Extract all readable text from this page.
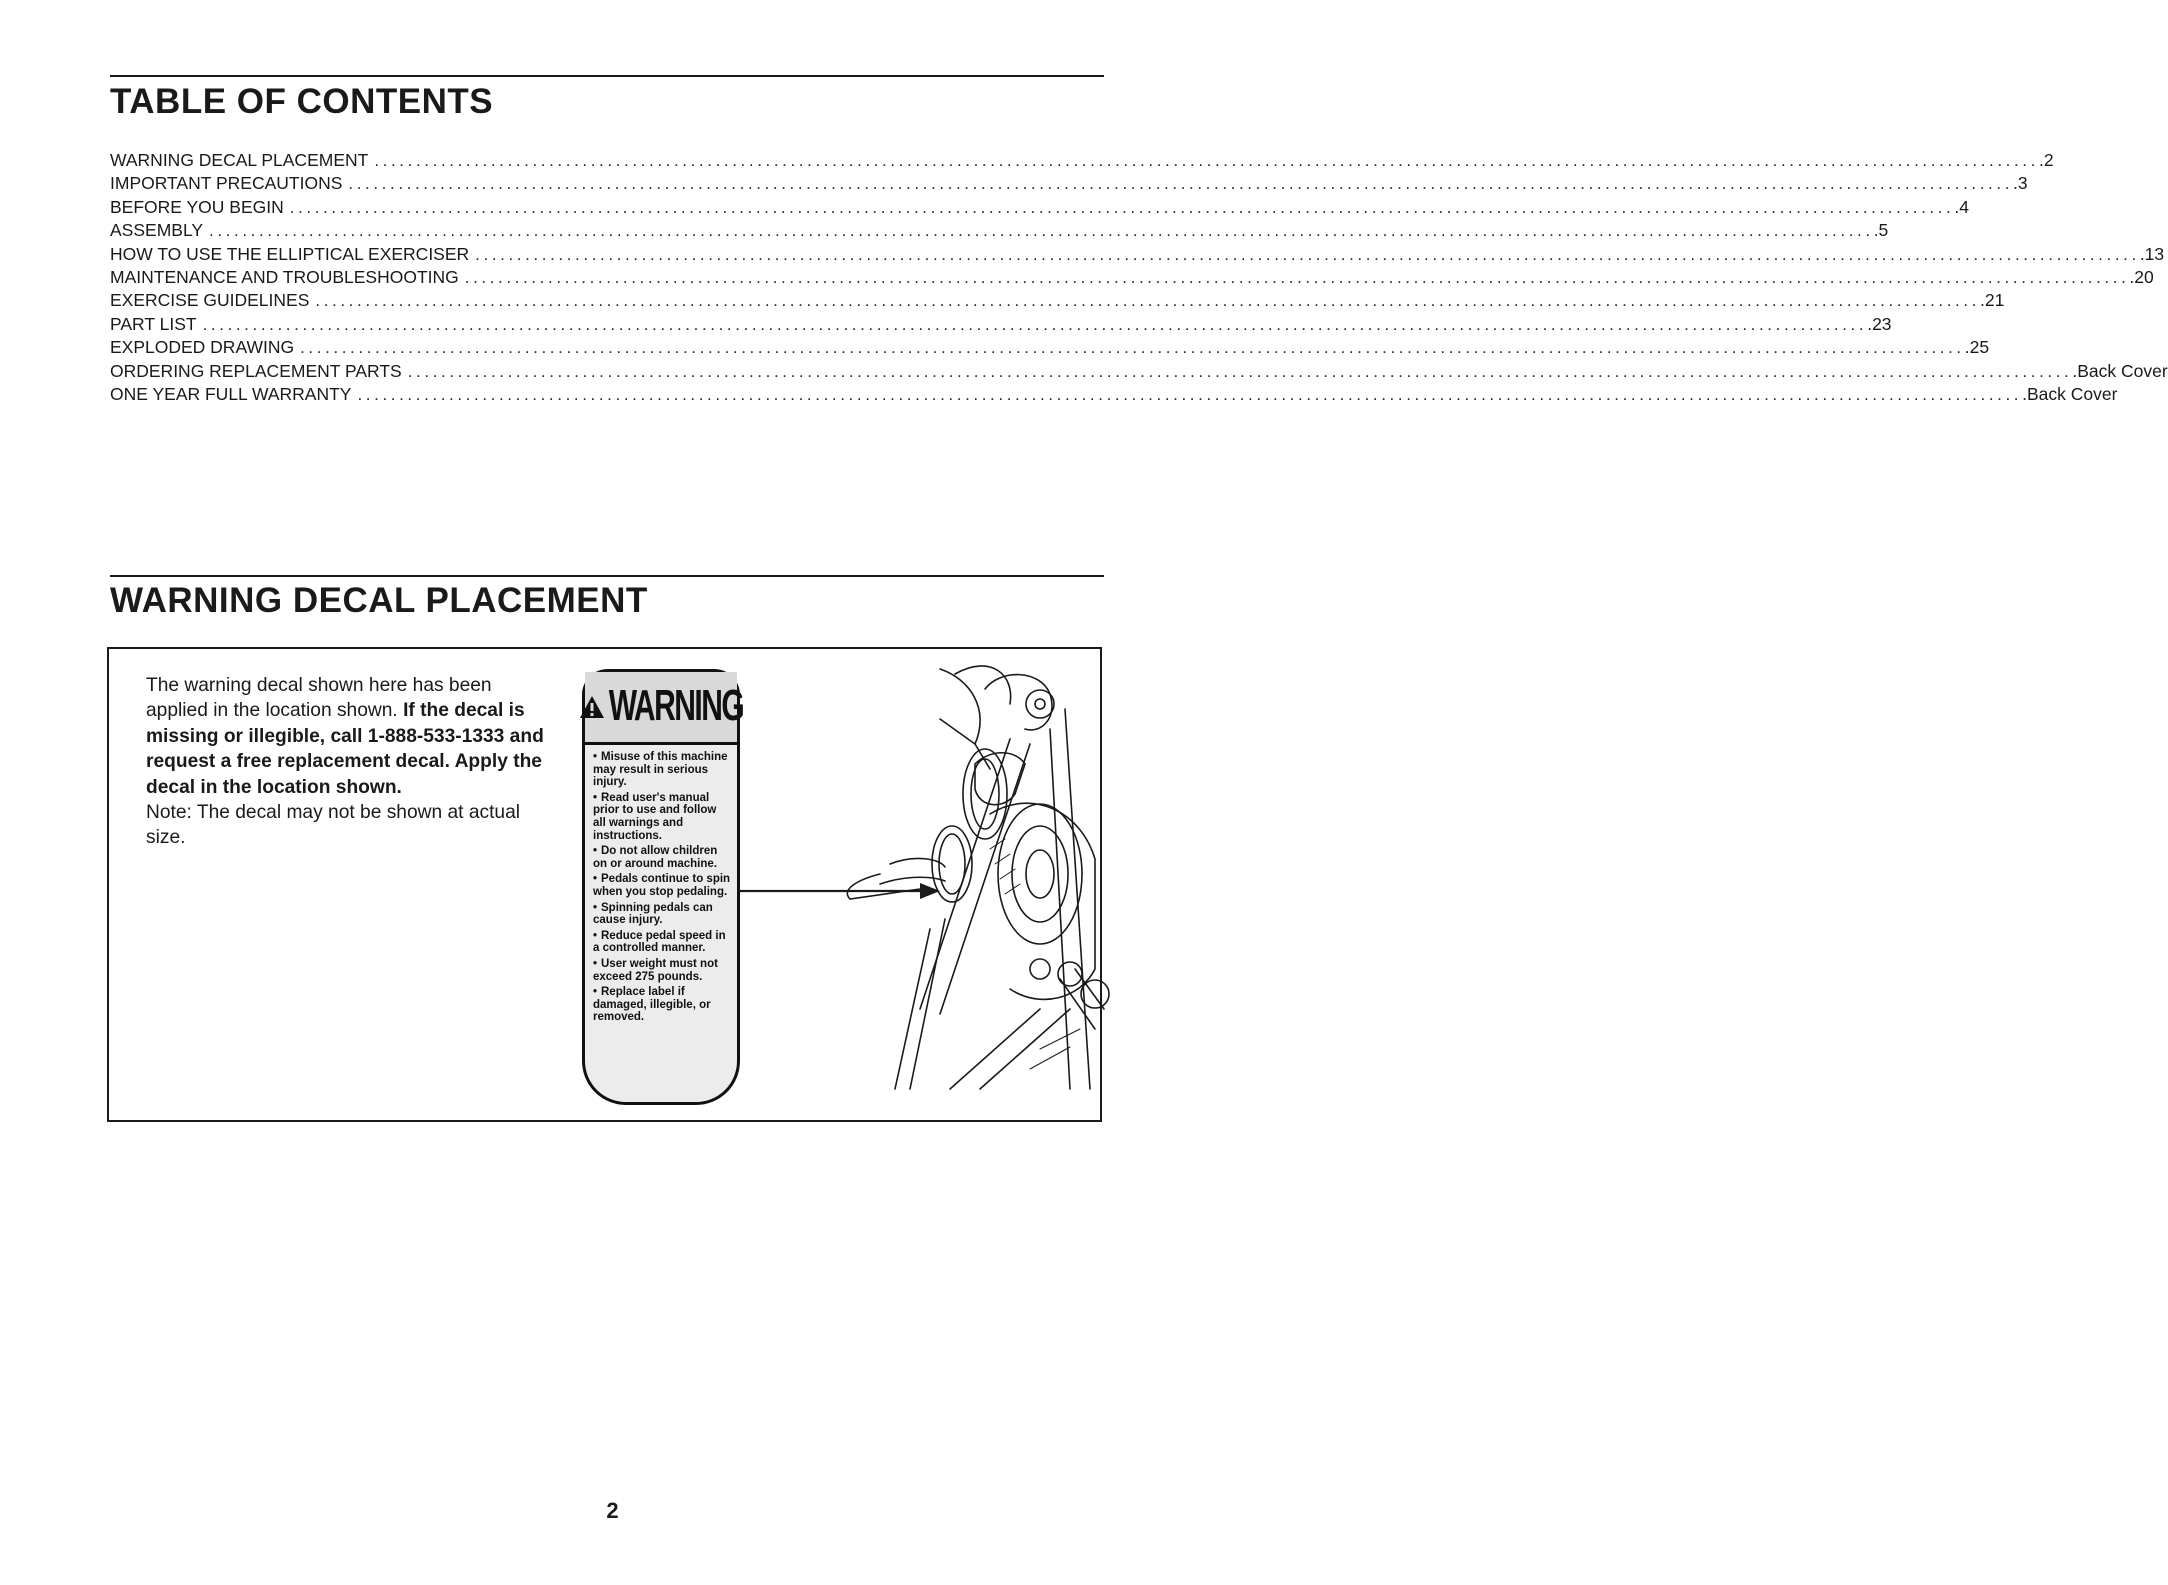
TABLE OF CONTENTS
WARNING DECAL PLACEMENT ........................................................................................................................................................................................................ .2
IMPORTANT PRECAUTIONS ........................................................................................................................................................................................................ .3
BEFORE YOU BEGIN ........................................................................................................................................................................................................ .4
ASSEMBLY ........................................................................................................................................................................................................ .5
HOW TO USE THE ELLIPTICAL EXERCISER ........................................................................................................................................................................................................ .13
MAINTENANCE AND TROUBLESHOOTING ........................................................................................................................................................................................................ .20
EXERCISE GUIDELINES ........................................................................................................................................................................................................ .21
PART LIST ........................................................................................................................................................................................................ .23
EXPLODED DRAWING ........................................................................................................................................................................................................ .25
ORDERING REPLACEMENT PARTS ........................................................................................................................................................................................................ .Back Cover
ONE YEAR FULL WARRANTY ........................................................................................................................................................................................................ .Back Cover
WARNING DECAL PLACEMENT

The warning decal shown here has been applied in the location shown. If the decal is missing or illegible, call 1-888-533-1333 and request a free replacement decal. Apply the decal in the location shown.

Note: The decal may not be shown at actual size.

WARNING
• Misuse of this machine may result in serious injury.
• Read user's manual prior to use and follow all warnings and instructions.
• Do not allow children on or around machine.
• Pedals continue to spin when you stop pedaling.
• Spinning pedals can cause injury.
• Reduce pedal speed in a controlled manner.
• User weight must not exceed 275 pounds.
• Replace label if damaged, illegible, or removed.
2
